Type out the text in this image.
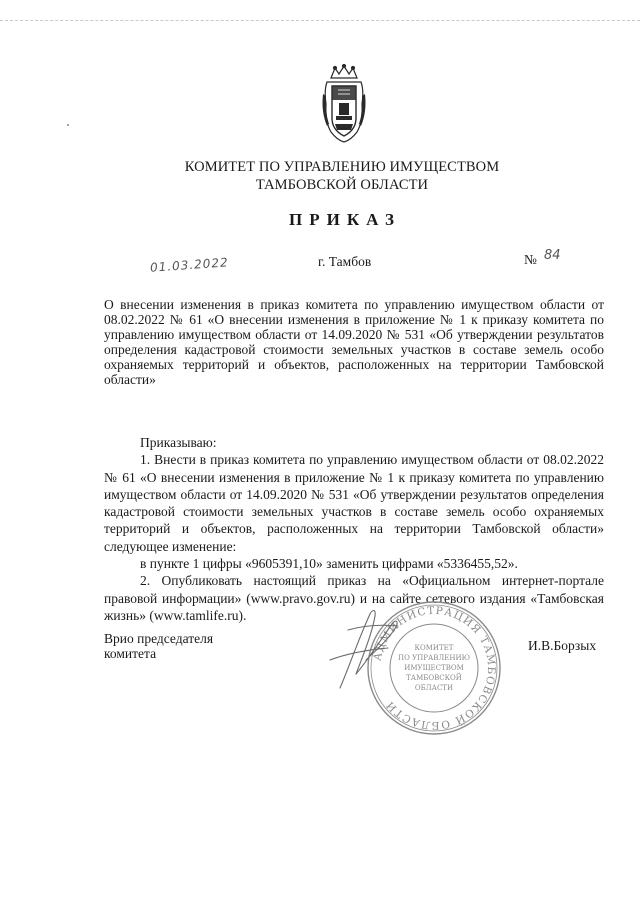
КОМИТЕТ ПО УПРАВЛЕНИЮ ИМУЩЕСТВОМ
ТАМБОВСКОЙ ОБЛАСТИ
ПРИКАЗ
01.03.2022	г. Тамбов	№ 84
О внесении изменения в приказ комитета по управлению имуществом области от 08.02.2022 № 61 «О внесении изменения в приложение № 1 к приказу комитета по управлению имуществом области от 14.09.2020 № 531 «Об утверждении результатов определения кадастровой стоимости земельных участков в составе земель особо охраняемых территорий и объектов, расположенных на территории Тамбовской области»

Приказываю:

1. Внести в приказ комитета по управлению имуществом области от 08.02.2022 № 61 «О внесении изменения в приложение № 1 к приказу комитета по управлению имуществом области от 14.09.2020 № 531 «Об утверждении результатов определения кадастровой стоимости земельных участков в составе земель особо охраняемых территорий и объектов, расположенных на территории Тамбовской области» следующее изменение:

в пункте 1 цифры «9605391,10» заменить цифрами «5336455,52».

2. Опубликовать настоящий приказ на «Официальном интернет-портале правовой информации» (www.pravo.gov.ru) и на сайте сетевого издания «Тамбовская жизнь» (www.tamlife.ru).

Врио председателя
комитета	АДМИНИСТРАЦИЯ ТАМБОВСКОЙ ОБЛАСТИ
КОМИТЕТ
ПО УПРАВЛЕНИЮ
ИМУЩЕСТВОМ
ТАМБОВСКОЙ
ОБЛАСТИ
И.В.Борзых
